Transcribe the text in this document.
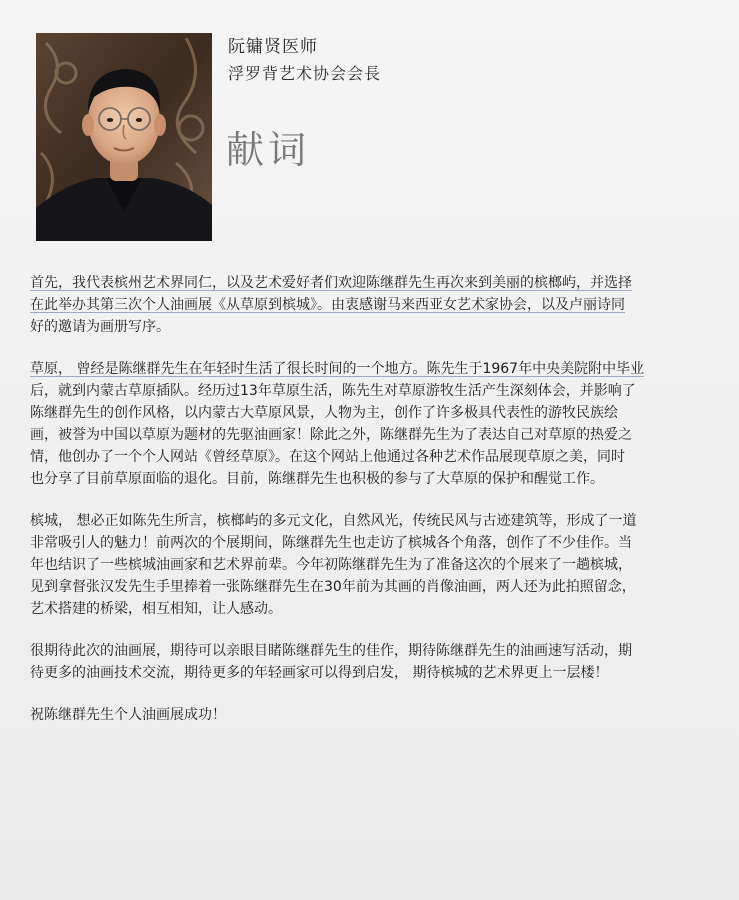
阮镛贤医师
浮罗背艺术协会会長
献词

首先，我代表槟州艺术界同仁，以及艺术爱好者们欢迎陈继群先生再次来到美丽的槟榔屿，并选择
在此举办其第三次个人油画展《从草原到槟城》。由衷感谢马来西亚女艺术家协会，以及卢丽诗同
好的邀请为画册写序。

草原， 曾经是陈继群先生在年轻时生活了很长时间的一个地方。陈先生于1967年中央美院附中毕业
后，就到内蒙古草原插队。经历过13年草原生活，陈先生对草原游牧生活产生深刻体会，并影响了
陈继群先生的创作风格，以内蒙古大草原风景，人物为主，创作了许多极具代表性的游牧民族绘
画，被誉为中国以草原为题材的先驱油画家！除此之外，陈继群先生为了表达自己对草原的热爱之
情，他创办了一个个人网站《曾经草原》。在这个网站上他通过各种艺术作品展现草原之美，同时
也分享了目前草原面临的退化。目前，陈继群先生也积极的参与了大草原的保护和醒觉工作。

槟城， 想必正如陈先生所言，槟榔屿的多元文化，自然风光，传统民风与古迹建筑等，形成了一道
非常吸引人的魅力！前两次的个展期间，陈继群先生也走访了槟城各个角落，创作了不少佳作。当
年也结识了一些槟城油画家和艺术界前辈。今年初陈继群先生为了准备这次的个展来了一趟槟城，
见到拿督张汉发先生手里捧着一张陈继群先生在30年前为其画的肖像油画，两人还为此拍照留念，
艺术搭建的桥梁，相互相知，让人感动。

很期待此次的油画展，期待可以亲眼目睹陈继群先生的佳作，期待陈继群先生的油画速写活动，期
待更多的油画技术交流，期待更多的年轻画家可以得到启发， 期待槟城的艺术界更上一层楼！

祝陈继群先生个人油画展成功！
